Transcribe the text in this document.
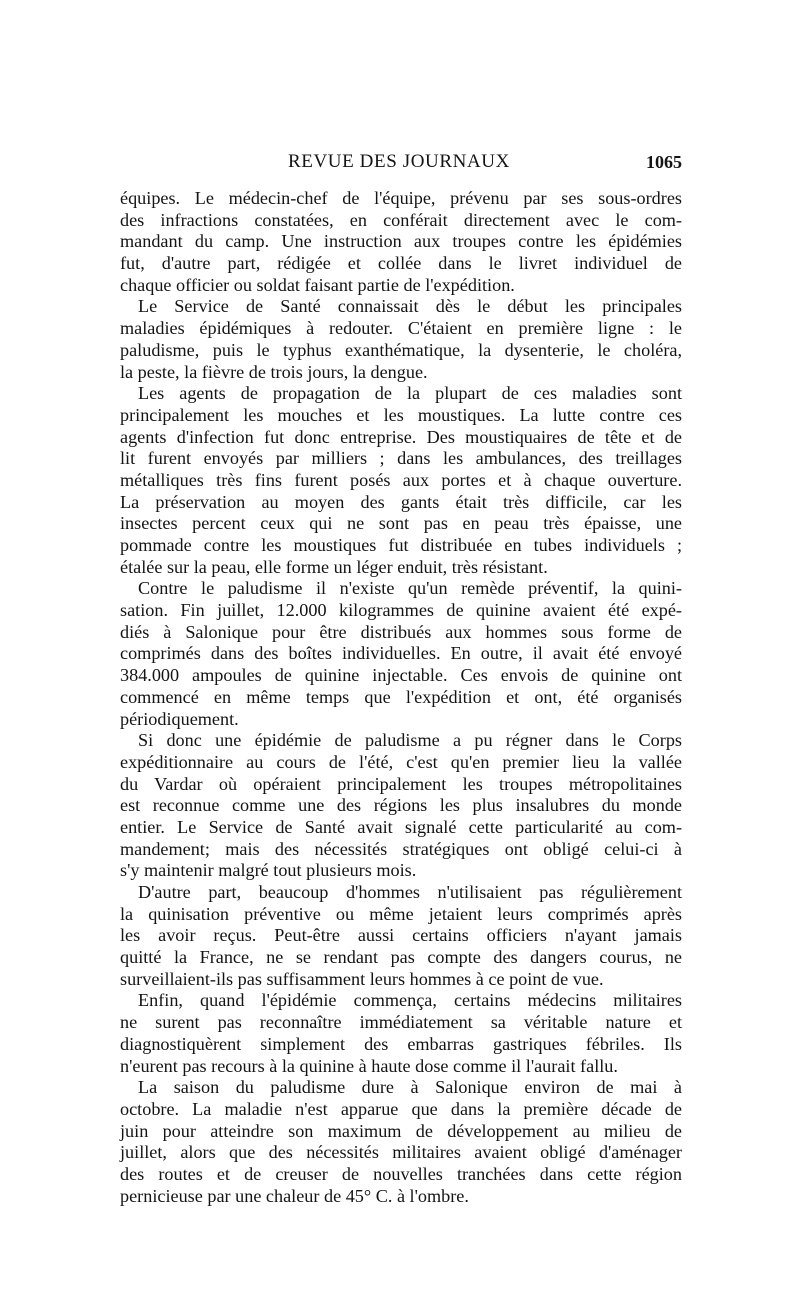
REVUE DES JOURNAUX	1065
équipes. Le médecin-chef de l'équipe, prévenu par ses sous-ordres
des infractions constatées, en conférait directement avec le com-
mandant du camp. Une instruction aux troupes contre les épidémies
fut, d'autre part, rédigée et collée dans le livret individuel de
chaque officier ou soldat faisant partie de l'expédition.
Le Service de Santé connaissait dès le début les principales
maladies épidémiques à redouter. C'étaient en première ligne : le
paludisme, puis le typhus exanthématique, la dysenterie, le choléra,
la peste, la fièvre de trois jours, la dengue.
Les agents de propagation de la plupart de ces maladies sont
principalement les mouches et les moustiques. La lutte contre ces
agents d'infection fut donc entreprise. Des moustiquaires de tête et de
lit furent envoyés par milliers ; dans les ambulances, des treillages
métalliques très fins furent posés aux portes et à chaque ouverture.
La préservation au moyen des gants était très difficile, car les
insectes percent ceux qui ne sont pas en peau très épaisse, une
pommade contre les moustiques fut distribuée en tubes individuels ;
étalée sur la peau, elle forme un léger enduit, très résistant.
Contre le paludisme il n'existe qu'un remède préventif, la quini-
sation. Fin juillet, 12.000 kilogrammes de quinine avaient été expé-
diés à Salonique pour être distribués aux hommes sous forme de
comprimés dans des boîtes individuelles. En outre, il avait été envoyé
384.000 ampoules de quinine injectable. Ces envois de quinine ont
commencé en même temps que l'expédition et ont, été organisés
périodiquement.
Si donc une épidémie de paludisme a pu régner dans le Corps
expéditionnaire au cours de l'été, c'est qu'en premier lieu la vallée
du Vardar où opéraient principalement les troupes métropolitaines
est reconnue comme une des régions les plus insalubres du monde
entier. Le Service de Santé avait signalé cette particularité au com-
mandement; mais des nécessités stratégiques ont obligé celui-ci à
s'y maintenir malgré tout plusieurs mois.
D'autre part, beaucoup d'hommes n'utilisaient pas régulièrement
la quinisation préventive ou même jetaient leurs comprimés après
les avoir reçus. Peut-être aussi certains officiers n'ayant jamais
quitté la France, ne se rendant pas compte des dangers courus, ne
surveillaient-ils pas suffisamment leurs hommes à ce point de vue.
Enfin, quand l'épidémie commença, certains médecins militaires
ne surent pas reconnaître immédiatement sa véritable nature et
diagnostiquèrent simplement des embarras gastriques fébriles. Ils
n'eurent pas recours à la quinine à haute dose comme il l'aurait fallu.
La saison du paludisme dure à Salonique environ de mai à
octobre. La maladie n'est apparue que dans la première décade de
juin pour atteindre son maximum de développement au milieu de
juillet, alors que des nécessités militaires avaient obligé d'aménager
des routes et de creuser de nouvelles tranchées dans cette région
pernicieuse par une chaleur de 45° C. à l'ombre.
